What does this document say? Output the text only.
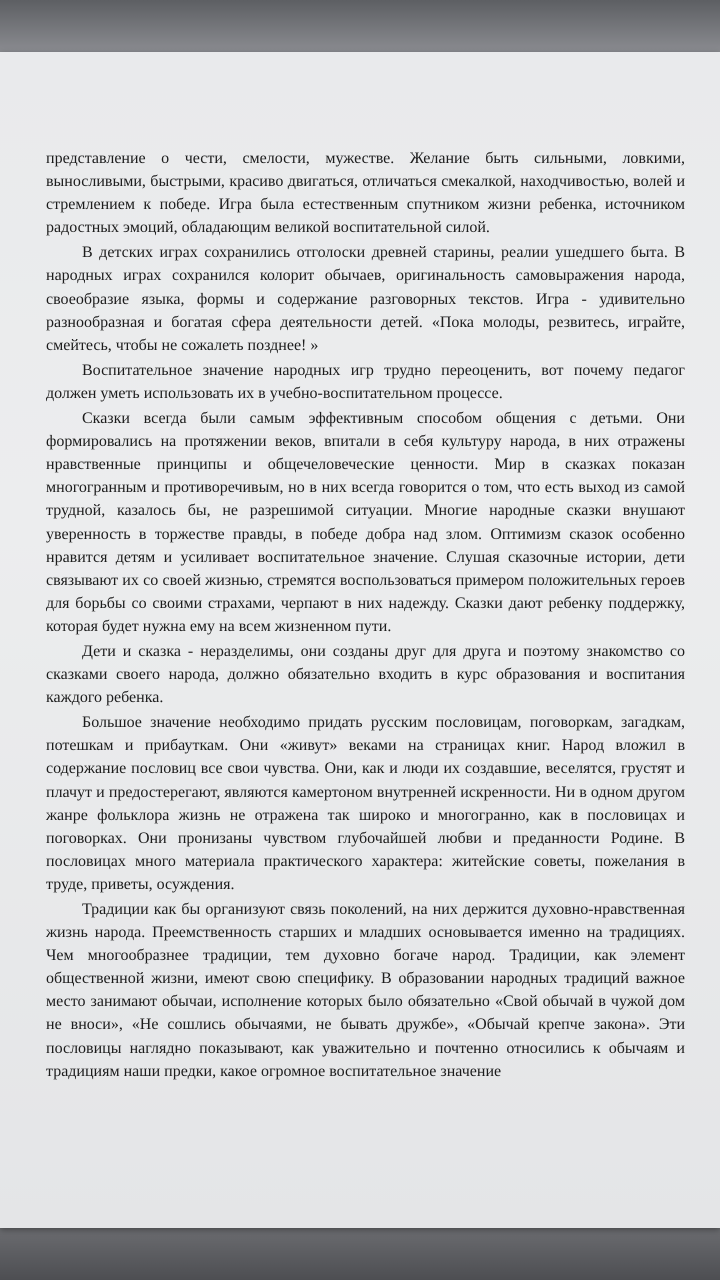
представление о чести, смелости, мужестве. Желание быть сильными, ловкими, выносливыми, быстрыми, красиво двигаться, отличаться смекалкой, находчивостью, волей и стремлением к победе. Игра была естественным спутником жизни ребенка, источником радостных эмоций, обладающим великой воспитательной силой.

В детских играх сохранились отголоски древней старины, реалии ушедшего быта. В народных играх сохранился колорит обычаев, оригинальность самовыражения народа, своеобразие языка, формы и содержание разговорных текстов. Игра - удивительно разнообразная и богатая сфера деятельности детей. «Пока молоды, резвитесь, играйте, смейтесь, чтобы не сожалеть позднее! »

Воспитательное значение народных игр трудно переоценить, вот почему педагог должен уметь использовать их в учебно-воспитательном процессе.

Сказки всегда были самым эффективным способом общения с детьми. Они формировались на протяжении веков, впитали в себя культуру народа, в них отражены нравственные принципы и общечеловеческие ценности. Мир в сказках показан многогранным и противоречивым, но в них всегда говорится о том, что есть выход из самой трудной, казалось бы, не разрешимой ситуации. Многие народные сказки внушают уверенность в торжестве правды, в победе добра над злом. Оптимизм сказок особенно нравится детям и усиливает воспитательное значение. Слушая сказочные истории, дети связывают их со своей жизнью, стремятся воспользоваться примером положительных героев для борьбы со своими страхами, черпают в них надежду. Сказки дают ребенку поддержку, которая будет нужна ему на всем жизненном пути.

Дети и сказка - неразделимы, они созданы друг для друга и поэтому знакомство со сказками своего народа, должно обязательно входить в курс образования и воспитания каждого ребенка.

Большое значение необходимо придать русским пословицам, поговоркам, загадкам, потешкам и прибауткам. Они «живут» веками на страницах книг. Народ вложил в содержание пословиц все свои чувства. Они, как и люди их создавшие, веселятся, грустят и плачут и предостерегают, являются камертоном внутренней искренности. Ни в одном другом жанре фольклора жизнь не отражена так широко и многогранно, как в пословицах и поговорках. Они пронизаны чувством глубочайшей любви и преданности Родине. В пословицах много материала практического характера: житейские советы, пожелания в труде, приветы, осуждения.

Традиции как бы организуют связь поколений, на них держится духовно-нравственная жизнь народа. Преемственность старших и младших основывается именно на традициях. Чем многообразнее традиции, тем духовно богаче народ. Традиции, как элемент общественной жизни, имеют свою специфику. В образовании народных традиций важное место занимают обычаи, исполнение которых было обязательно «Свой обычай в чужой дом не вноси», «Не сошлись обычаями, не бывать дружбе», «Обычай крепче закона». Эти пословицы наглядно показывают, как уважительно и почтенно относились к обычаям и традициям наши предки, какое огромное воспитательное значение
